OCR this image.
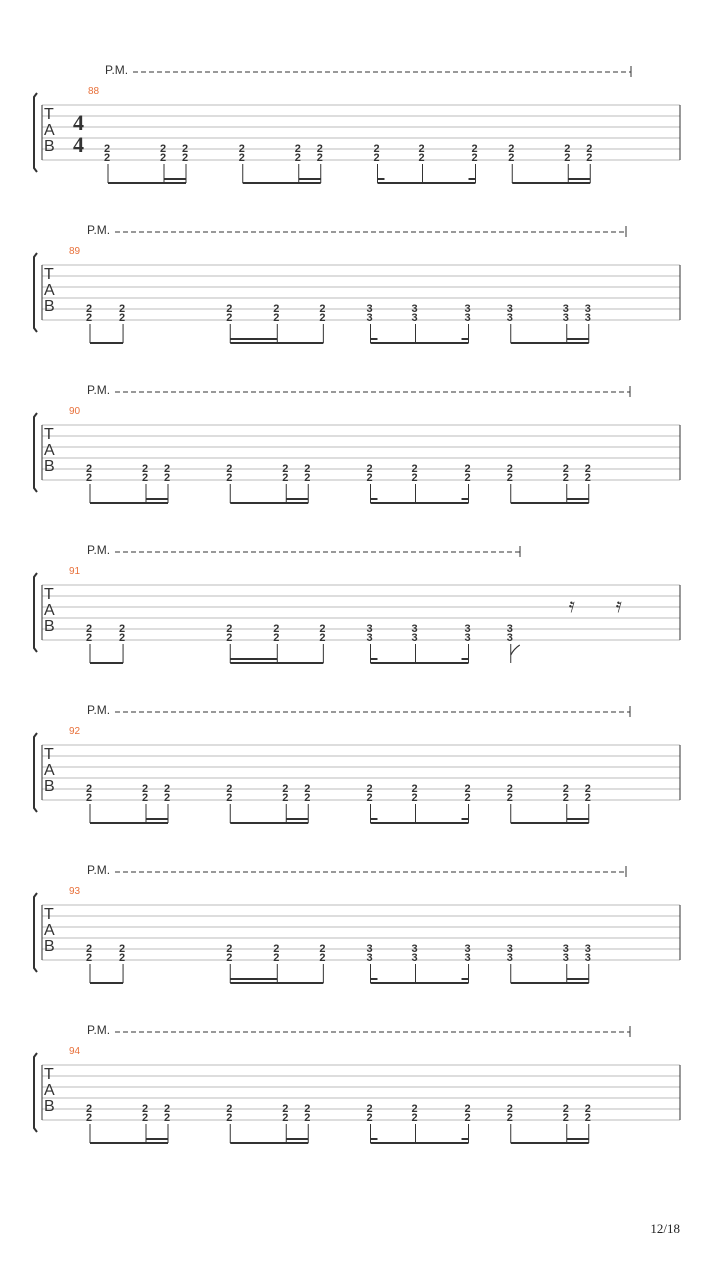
P.M.
88
T
A
B
4
4 2
2
2
2
2
2
2
2
2
2
2
2
2
2
2
2
2
2
2
2
2
2
2
2
P.M.
89
T
A
B	2
2
2
2
2
2
2
2
2
2
3
3
3
3
3
3
3
3
3
3
3
3
P.M.
90
T
A
B	2
2
2
2
2
2
2
2
2
2
2
2
2
2
2
2
2
2
2
2
2
2
2
2
P.M.
91
T
A
B	2
2
2
2
2
2
2
2
2
2
3
3
3
3
3
3
3
3
𝄿 𝄿
P.M.
92
T
A
B	2
2
2
2
2
2
2
2
2
2
2
2
2
2
2
2
2
2
2
2
2
2
2
2
P.M.
93
T
A
B	2
2
2
2
2
2
2
2
2
2
3
3
3
3
3
3
3
3
3
3
3
3
P.M.
94
T
A
B	2
2
2
2
2
2
2
2
2
2
2
2
2
2
2
2
2
2
2
2
2
2
2
2
12/18
